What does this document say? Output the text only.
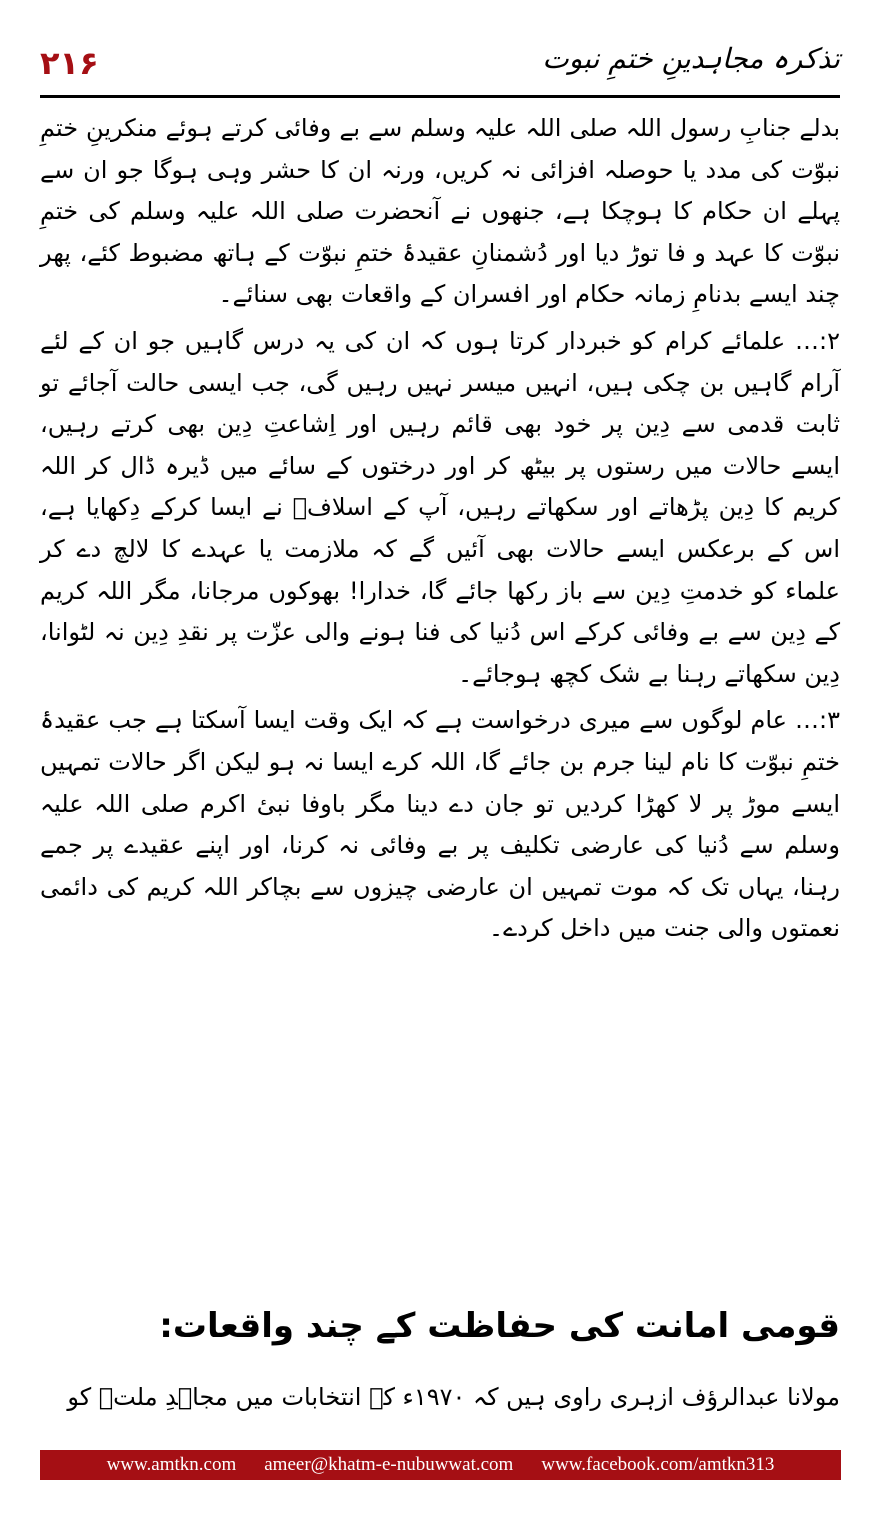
۲۱۶	تذکرہ مجاہدینِ ختمِ نبوت

بدلے جنابِ رسول اللہ صلی اللہ علیہ وسلم سے بے وفائی کرتے ہوئے منکرینِ ختمِ نبوّت کی مدد یا حوصلہ افزائی نہ کریں، ورنہ ان کا حشر وہی ہوگا جو ان سے پہلے ان حکام کا ہوچکا ہے، جنھوں نے آنحضرت صلی اللہ علیہ وسلم کی ختمِ نبوّت کا عہد و فا توڑ دیا اور دُشمنانِ عقیدۂ ختمِ نبوّت کے ہاتھ مضبوط کئے، پھر چند ایسے بدنامِ زمانہ حکام اور افسران کے واقعات بھی سنائے۔

۲:… علمائے کرام کو خبردار کرتا ہوں کہ ان کی یہ درس گاہیں جو ان کے لئے آرام گاہیں بن چکی ہیں، انہیں میسر نہیں رہیں گی، جب ایسی حالت آجائے تو ثابت قدمی سے دِین پر خود بھی قائم رہیں اور اِشاعتِ دِین بھی کرتے رہیں، ایسے حالات میں رستوں پر بیٹھ کر اور درختوں کے سائے میں ڈیرہ ڈال کر اللہ کریم کا دِین پڑھاتے اور سکھاتے رہیں، آپ کے اسلافؒ نے ایسا کرکے دِکھایا ہے، اس کے برعکس ایسے حالات بھی آئیں گے کہ ملازمت یا عہدے کا لالچ دے کر علماء کو خدمتِ دِین سے باز رکھا جائے گا، خدارا! بھوکوں مرجانا، مگر اللہ کریم کے دِین سے بے وفائی کرکے اس دُنیا کی فنا ہونے والی عزّت پر نقدِ دِین نہ لٹوانا، دِین سکھاتے رہنا بے شک کچھ ہوجائے۔

۳:… عام لوگوں سے میری درخواست ہے کہ ایک وقت ایسا آسکتا ہے جب عقیدۂ ختمِ نبوّت کا نام لینا جرم بن جائے گا، اللہ کرے ایسا نہ ہو لیکن اگر حالات تمہیں ایسے موڑ پر لا کھڑا کردیں تو جان دے دینا مگر باوفا نبیٔ اکرم صلی اللہ علیہ وسلم سے دُنیا کی عارضی تکلیف پر بے وفائی نہ کرنا، اور اپنے عقیدے پر جمے رہنا، یہاں تک کہ موت تمہیں ان عارضی چیزوں سے بچاکر اللہ کریم کی دائمی نعمتوں والی جنت میں داخل کردے۔

قومی امانت کی حفاظت کے چند واقعات:
مولانا عبدالرؤف ازہری راوی ہیں کہ ۱۹۷۰ء کے انتخابات میں مجاہدِ ملتؒ کو
www.amtkn.com ameer@khatm-e-nubuwwat.com www.facebook.com/amtkn313
